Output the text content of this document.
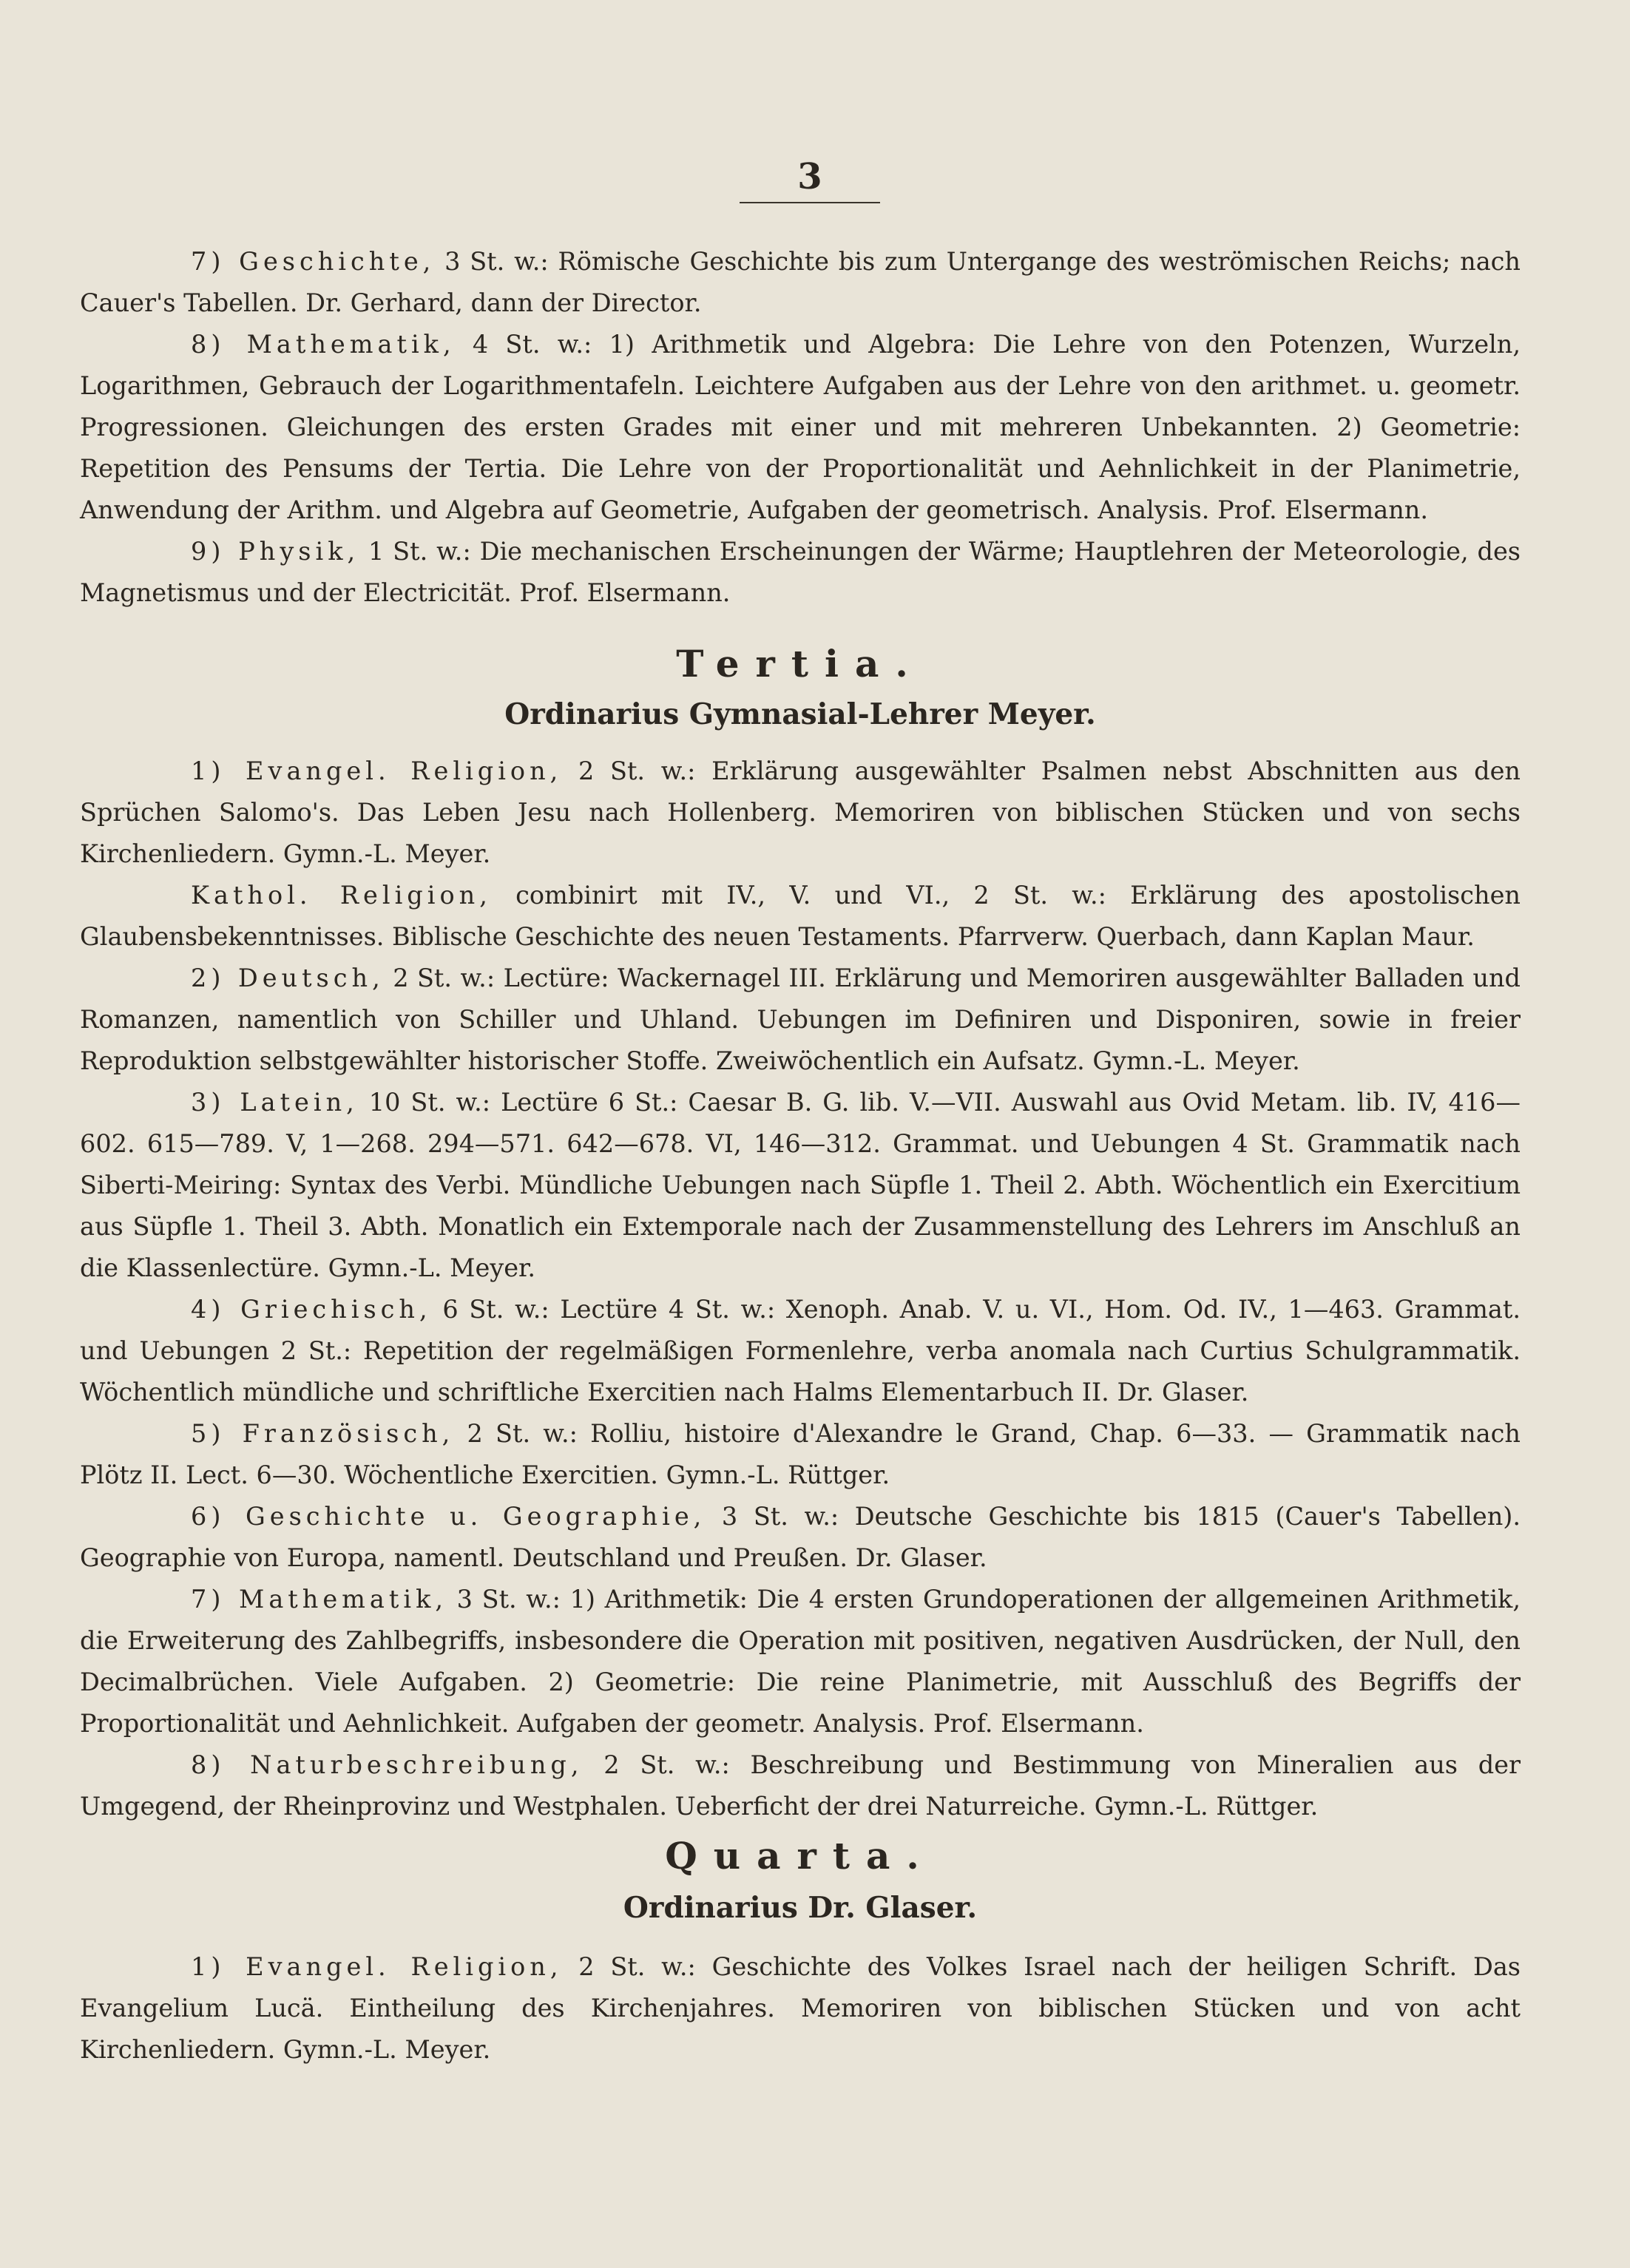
3

7) Geschichte, 3 St. w.: Römische Geschichte bis zum Untergange des weströmischen Reichs; nach Cauer's Tabellen. Dr. Gerhard, dann der Director.

8) Mathematik, 4 St. w.: 1) Arithmetik und Algebra: Die Lehre von den Potenzen, Wurzeln, Logarithmen, Gebrauch der Logarithmentafeln. Leichtere Aufgaben aus der Lehre von den arithmet. u. geometr. Progressionen. Gleichungen des ersten Grades mit einer und mit mehreren Unbekannten. 2) Geometrie: Repetition des Pensums der Tertia. Die Lehre von der Proportionalität und Aehnlichkeit in der Planimetrie, Anwendung der Arithm. und Algebra auf Geometrie, Aufgaben der geometrisch. Analysis. Prof. Elsermann.

9) Physik, 1 St. w.: Die mechanischen Erscheinungen der Wärme; Hauptlehren der Meteorologie, des Magnetismus und der Electricität. Prof. Elsermann.

Tertia.
Ordinarius Gymnasial-Lehrer Meyer.

1) Evangel. Religion, 2 St. w.: Erklärung ausgewählter Psalmen nebst Abschnitten aus den Sprüchen Salomo's. Das Leben Jesu nach Hollenberg. Memoriren von biblischen Stücken und von sechs Kirchenliedern. Gymn.-L. Meyer.

Kathol. Religion, combinirt mit IV., V. und VI., 2 St. w.: Erklärung des apostolischen Glaubensbekenntnisses. Biblische Geschichte des neuen Testaments. Pfarrverw. Querbach, dann Kaplan Maur.

2) Deutsch, 2 St. w.: Lectüre: Wackernagel III. Erklärung und Memoriren ausgewählter Balladen und Romanzen, namentlich von Schiller und Uhland. Uebungen im Definiren und Disponiren, sowie in freier Reproduktion selbstgewählter historischer Stoffe. Zweiwöchentlich ein Aufsatz. Gymn.-L. Meyer.

3) Latein, 10 St. w.: Lectüre 6 St.: Caesar B. G. lib. V.—VII. Auswahl aus Ovid Metam. lib. IV, 416—602. 615—789. V, 1—268. 294—571. 642—678. VI, 146—312. Grammat. und Uebungen 4 St. Grammatik nach Siberti-Meiring: Syntax des Verbi. Mündliche Uebungen nach Süpfle 1. Theil 2. Abth. Wöchentlich ein Exercitium aus Süpfle 1. Theil 3. Abth. Monatlich ein Extemporale nach der Zusammenstellung des Lehrers im Anschluß an die Klassenlectüre. Gymn.-L. Meyer.

4) Griechisch, 6 St. w.: Lectüre 4 St. w.: Xenoph. Anab. V. u. VI., Hom. Od. IV., 1—463. Grammat. und Uebungen 2 St.: Repetition der regelmäßigen Formenlehre, verba anomala nach Curtius Schulgrammatik. Wöchentlich mündliche und schriftliche Exercitien nach Halms Elementarbuch II. Dr. Glaser.

5) Französisch, 2 St. w.: Rolliu, histoire d'Alexandre le Grand, Chap. 6—33. — Grammatik nach Plötz II. Lect. 6—30. Wöchentliche Exercitien. Gymn.-L. Rüttger.

6) Geschichte u. Geographie, 3 St. w.: Deutsche Geschichte bis 1815 (Cauer's Tabellen). Geographie von Europa, namentl. Deutschland und Preußen. Dr. Glaser.

7) Mathematik, 3 St. w.: 1) Arithmetik: Die 4 ersten Grundoperationen der allgemeinen Arithmetik, die Erweiterung des Zahlbegriffs, insbesondere die Operation mit positiven, negativen Ausdrücken, der Null, den Decimalbrüchen. Viele Aufgaben. 2) Geometrie: Die reine Planimetrie, mit Ausschluß des Begriffs der Proportionalität und Aehnlichkeit. Aufgaben der geometr. Analysis. Prof. Elsermann.

8) Naturbeschreibung, 2 St. w.: Beschreibung und Bestimmung von Mineralien aus der Umgegend, der Rheinprovinz und Westphalen. Ueberficht der drei Naturreiche. Gymn.-L. Rüttger.

Quarta.
Ordinarius Dr. Glaser.

1) Evangel. Religion, 2 St. w.: Geschichte des Volkes Israel nach der heiligen Schrift. Das Evangelium Lucä. Eintheilung des Kirchenjahres. Memoriren von biblischen Stücken und von acht Kirchenliedern. Gymn.-L. Meyer.
